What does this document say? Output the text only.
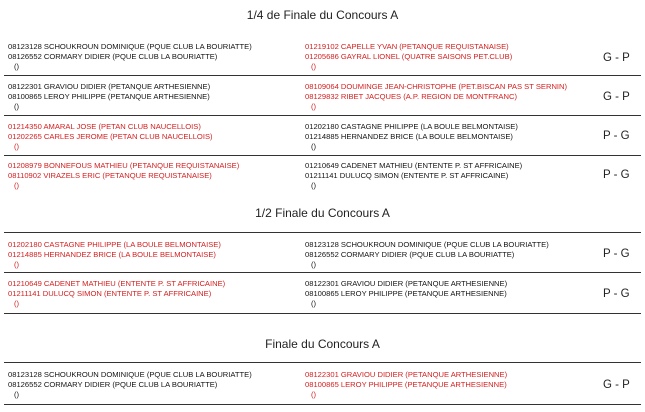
1/4 de Finale du Concours A
08123128 SCHOUKROUN DOMINIQUE (PQUE CLUB LA BOURIATTE)
08126552 CORMARY DIDIER (PQUE CLUB LA BOURIATTE)
()
01219102 CAPELLE YVAN (PETANQUE REQUISTANAISE)
01205686 GAYRAL LIONEL (QUATRE SAISONS PET.CLUB)
()
G - P
08122301 GRAVIOU DIDIER (PETANQUE ARTHESIENNE)
08100865 LEROY PHILIPPE (PETANQUE ARTHESIENNE)
()
08109064 DOUMINGE JEAN-CHRISTOPHE (PET.BISCAN PAS ST SERNIN)
08129832 RIBET JACQUES (A.P. REGION DE MONTFRANC)
()
G - P
01214350 AMARAL JOSE (PETAN CLUB NAUCELLOIS)
01202265 CARLES JEROME (PETAN CLUB NAUCELLOIS)
()
01202180 CASTAGNE PHILIPPE (LA BOULE BELMONTAISE)
01214885 HERNANDEZ BRICE (LA BOULE BELMONTAISE)
()
P - G
01208979 BONNEFOUS MATHIEU (PETANQUE REQUISTANAISE)
08110902 VIRAZELS ERIC (PETANQUE REQUISTANAISE)
()
01210649 CADENET MATHIEU (ENTENTE P. ST AFFRICAINE)
01211141 DULUCQ SIMON (ENTENTE P. ST AFFRICAINE)
()
P - G
1/2 Finale du Concours A
01202180 CASTAGNE PHILIPPE (LA BOULE BELMONTAISE)
01214885 HERNANDEZ BRICE (LA BOULE BELMONTAISE)
()
08123128 SCHOUKROUN DOMINIQUE (PQUE CLUB LA BOURIATTE)
08126552 CORMARY DIDIER (PQUE CLUB LA BOURIATTE)
()
P - G
01210649 CADENET MATHIEU (ENTENTE P. ST AFFRICAINE)
01211141 DULUCQ SIMON (ENTENTE P. ST AFFRICAINE)
()
08122301 GRAVIOU DIDIER (PETANQUE ARTHESIENNE)
08100865 LEROY PHILIPPE (PETANQUE ARTHESIENNE)
()
P - G
Finale du Concours A
08123128 SCHOUKROUN DOMINIQUE (PQUE CLUB LA BOURIATTE)
08126552 CORMARY DIDIER (PQUE CLUB LA BOURIATTE)
()
08122301 GRAVIOU DIDIER (PETANQUE ARTHESIENNE)
08100865 LEROY PHILIPPE (PETANQUE ARTHESIENNE)
()
G - P
